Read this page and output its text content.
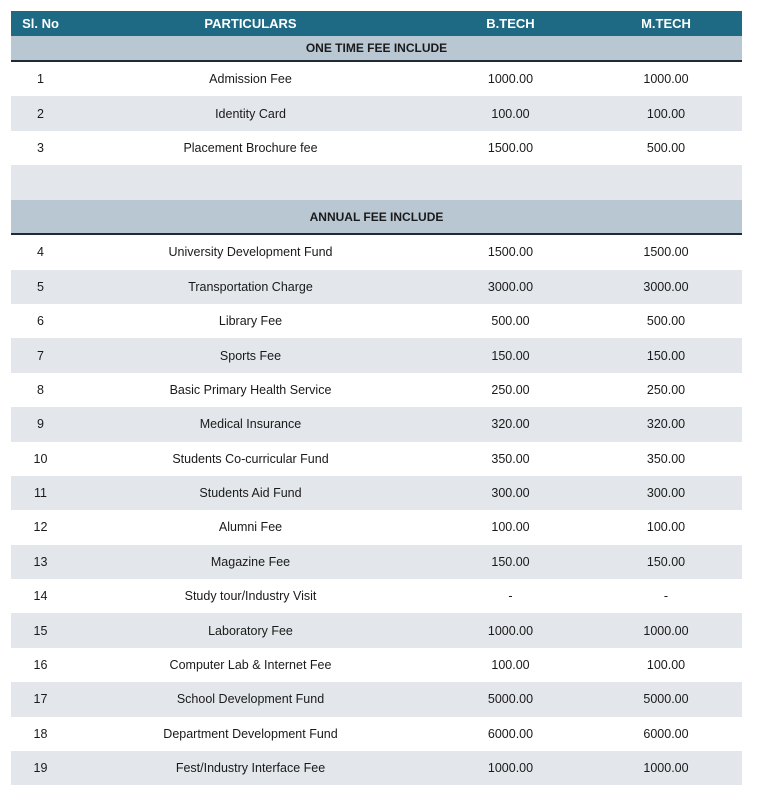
Sl. No	PARTICULARS	B.TECH	M.TECH
ONE TIME FEE INCLUDE
1	Admission Fee	1000.00	1000.00
2	Identity Card	100.00	100.00
3	Placement Brochure fee	1500.00	500.00
ANNUAL FEE INCLUDE
4	University Development Fund	1500.00	1500.00
5	Transportation Charge	3000.00	3000.00
6	Library Fee	500.00	500.00
7	Sports Fee	150.00	150.00
8	Basic Primary Health Service	250.00	250.00
9	Medical Insurance	320.00	320.00
10	Students Co-curricular Fund	350.00	350.00
11	Students Aid Fund	300.00	300.00
12	Alumni Fee	100.00	100.00
13	Magazine Fee	150.00	150.00
14	Study tour/Industry Visit	-	-
15	Laboratory Fee	1000.00	1000.00
16	Computer Lab & Internet Fee	100.00	100.00
17	School Development Fund	5000.00	5000.00
18	Department Development Fund	6000.00	6000.00
19	Fest/Industry Interface Fee	1000.00	1000.00
